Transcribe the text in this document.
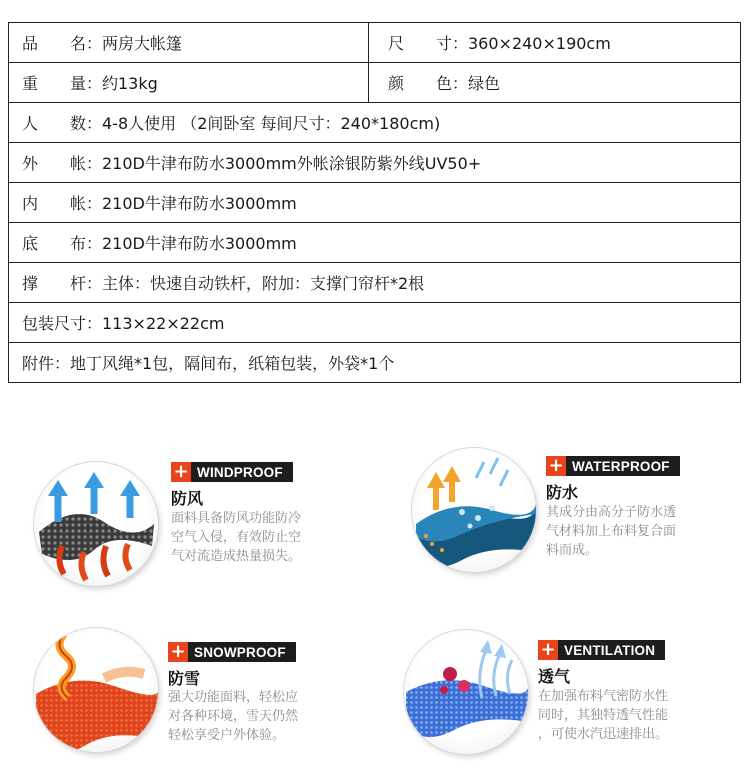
品　　名：两房大帐篷	尺　　寸：360×240×190cm
重　　量：约13kg	颜　　色：绿色
人　　数：4-8人使用 （2间卧室 每间尺寸：240*180cm)
外　　帐：210D牛津布防水3000mm外帐涂银防紫外线UV50+
内　　帐：210D牛津布防水3000mm
底　　布：210D牛津布防水3000mm
撑　　杆：主体：快速自动铁杆，附加：支撑门帘杆*2根
包装尺寸：113×22×22cm
附件：地丁风绳*1包，隔间布，纸箱包装，外袋*1个
+ WINDPROOF
防风
面料具备防风功能防冷
空气入侵，有效防止空
气对流造成热量损失。
+ WATERPROOF
防水
其成分由高分子防水透
气材料加上布料复合面
料而成。
+ SNOWPROOF
防雪
强大功能面料，轻松应
对各种环境，雪天仍然
轻松享受户外体验。
+ VENTILATION
透气
在加强布料气密防水性
同时，其独特透气性能
，可使水汽迅速排出。
